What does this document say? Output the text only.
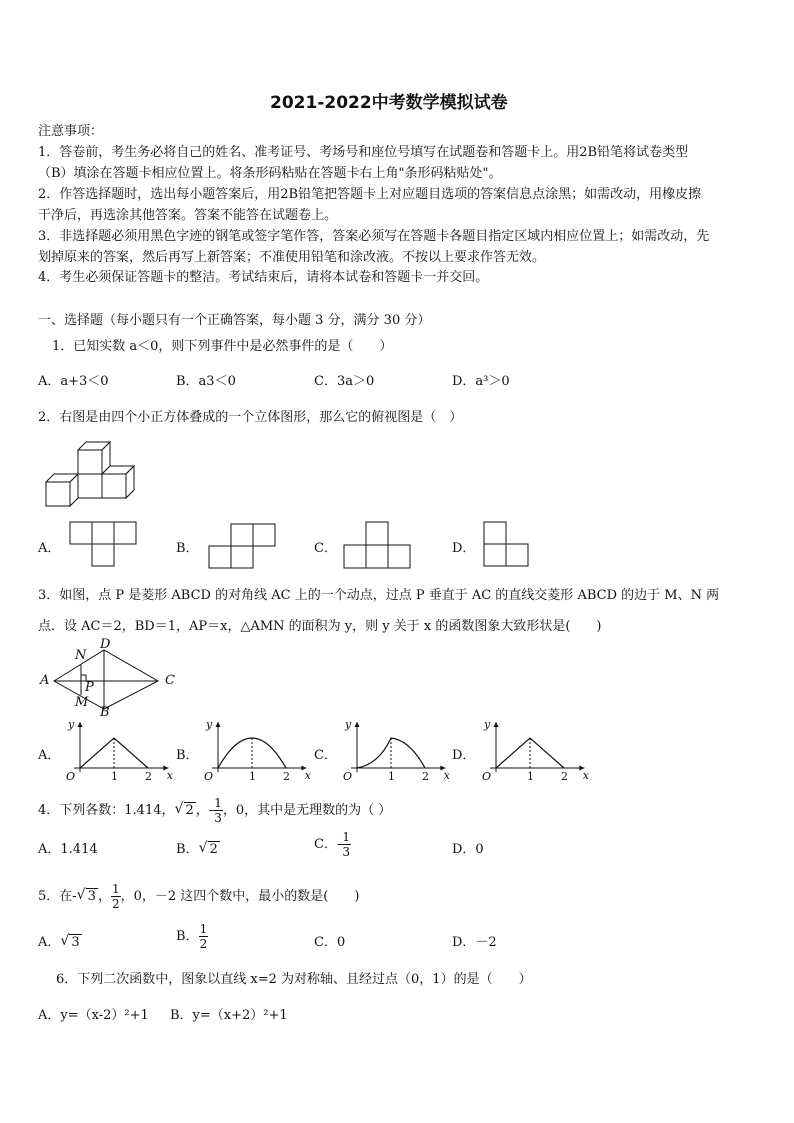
2021-2022中考数学模拟试卷
注意事项：
1．答卷前，考生务必将自己的姓名、准考证号、考场号和座位号填写在试题卷和答题卡上。用2B铅笔将试卷类型
（B）填涂在答题卡相应位置上。将条形码粘贴在答题卡右上角"条形码粘贴处"。
2．作答选择题时，选出每小题答案后，用2B铅笔把答题卡上对应题目选项的答案信息点涂黑；如需改动，用橡皮擦
干净后，再选涂其他答案。答案不能答在试题卷上。
3．非选择题必须用黑色字迹的钢笔或签字笔作答，答案必须写在答题卡各题目指定区域内相应位置上；如需改动，先
划掉原来的答案，然后再写上新答案；不准使用铅笔和涂改液。不按以上要求作答无效。
4．考生必须保证答题卡的整洁。考试结束后，请将本试卷和答题卡一并交回。
一、选择题（每小题只有一个正确答案，每小题 3 分，满分 30 分）
1．已知实数 a＜0，则下列事件中是必然事件的是（　　）
A．a+3＜0	B．a3＜0	C．3a＞0	D．a³＞0
2．右图是由四个小正方体叠成的一个立体图形，那么它的俯视图是（　）
A．	B．	C．	D．
3．如图，点 P 是菱形 ABCD 的对角线 AC 上的一个动点，过点 P 垂直于 AC 的直线交菱形 ABCD 的边于 M、N 两
点．设 AC＝2，BD＝1，AP＝x，△AMN 的面积为 y，则 y 关于 x 的函数图象大致形状是(　　)
A
D
C
B
N
M
P
A．	B．	C．	D．
y
x
O	1 2
y
x
O	1 2
y
x
O	1 2
y
x
O	1 2
4．下列各数：1.414， √ 2 ，- $\frac{1}{3}$ ，0，其中是无理数的为（ ）
A．1.414	B． √ 2	C．- $\frac{1}{3}$	D．0
5．在- √ 3 ， $\frac{1}{2}$ ，0，－2 这四个数中，最小的数是(　　)
A． √ 3	B． $\frac{1}{2}$	C．0	D．－2
6．下列二次函数中，图象以直线 x=2 为对称轴、且经过点（0，1）的是（　　）
A．y=（x-2）²+1 B．y=（x+2）²+1
